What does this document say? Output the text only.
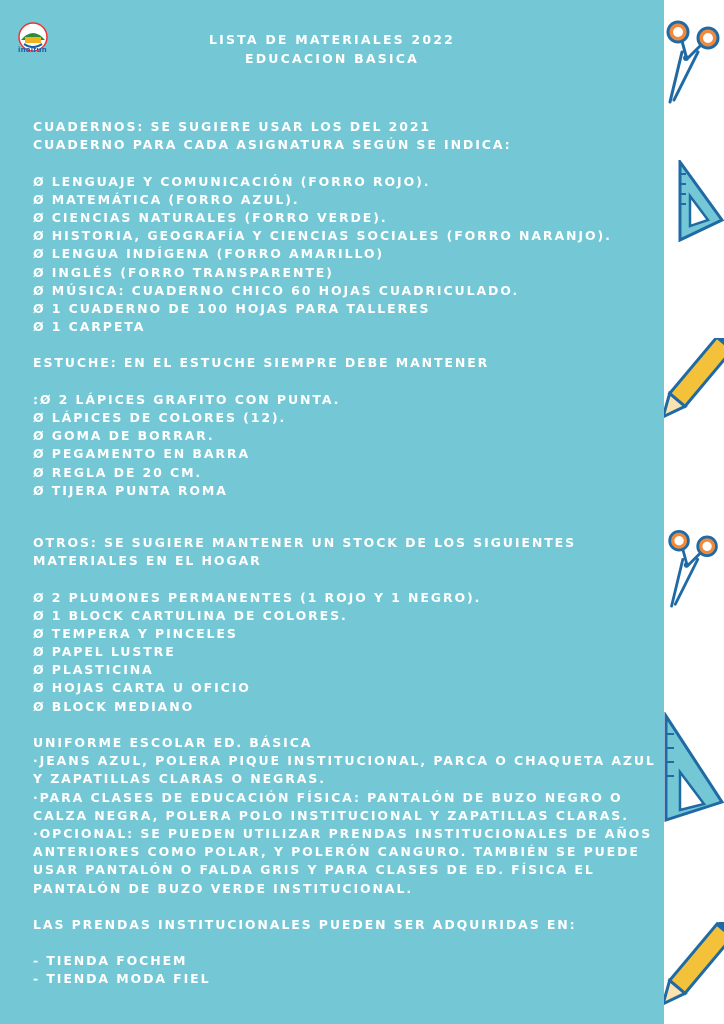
inalfun
LISTA DE MATERIALES 2022
EDUCACION BASICA
CUADERNOS: SE SUGIERE USAR LOS DEL 2021
CUADERNO PARA CADA ASIGNATURA SEGÚN SE INDICA:
Ø LENGUAJE Y COMUNICACIÓN (FORRO ROJO).
Ø MATEMÁTICA (FORRO AZUL).
Ø CIENCIAS NATURALES (FORRO VERDE).
Ø HISTORIA, GEOGRAFÍA Y CIENCIAS SOCIALES (FORRO NARANJO).
Ø LENGUA INDÍGENA (FORRO AMARILLO)
Ø INGLÉS (FORRO TRANSPARENTE)
Ø MÚSICA: CUADERNO CHICO 60 HOJAS CUADRICULADO.
Ø 1 CUADERNO DE 100 HOJAS PARA TALLERES
Ø 1 CARPETA
ESTUCHE: EN EL ESTUCHE SIEMPRE DEBE MANTENER
:Ø 2 LÁPICES GRAFITO CON PUNTA.
Ø LÁPICES DE COLORES (12).
Ø GOMA DE BORRAR.
Ø PEGAMENTO EN BARRA
Ø REGLA DE 20 CM.
Ø TIJERA PUNTA ROMA
OTROS: SE SUGIERE MANTENER UN STOCK DE LOS SIGUIENTES
MATERIALES EN EL HOGAR
Ø 2 PLUMONES PERMANENTES (1 ROJO Y 1 NEGRO).
Ø 1 BLOCK CARTULINA DE COLORES.
Ø TEMPERA Y PINCELES
Ø PAPEL LUSTRE
Ø PLASTICINA
Ø HOJAS CARTA U OFICIO
Ø BLOCK MEDIANO
UNIFORME ESCOLAR ED. BÁSICA
·JEANS AZUL, POLERA PIQUE INSTITUCIONAL, PARCA O CHAQUETA AZUL
Y ZAPATILLAS CLARAS O NEGRAS.
·PARA CLASES DE EDUCACIÓN FÍSICA: PANTALÓN DE BUZO NEGRO O
CALZA NEGRA, POLERA POLO INSTITUCIONAL Y ZAPATILLAS CLARAS.
·OPCIONAL: SE PUEDEN UTILIZAR PRENDAS INSTITUCIONALES DE AÑOS
ANTERIORES COMO POLAR, Y POLERÓN CANGURO. TAMBIÉN SE PUEDE
USAR PANTALÓN O FALDA GRIS Y PARA CLASES DE ED. FÍSICA EL
PANTALÓN DE BUZO VERDE INSTITUCIONAL.
LAS PRENDAS INSTITUCIONALES PUEDEN SER ADQUIRIDAS EN:
- TIENDA FOCHEM
- TIENDA MODA FIEL
